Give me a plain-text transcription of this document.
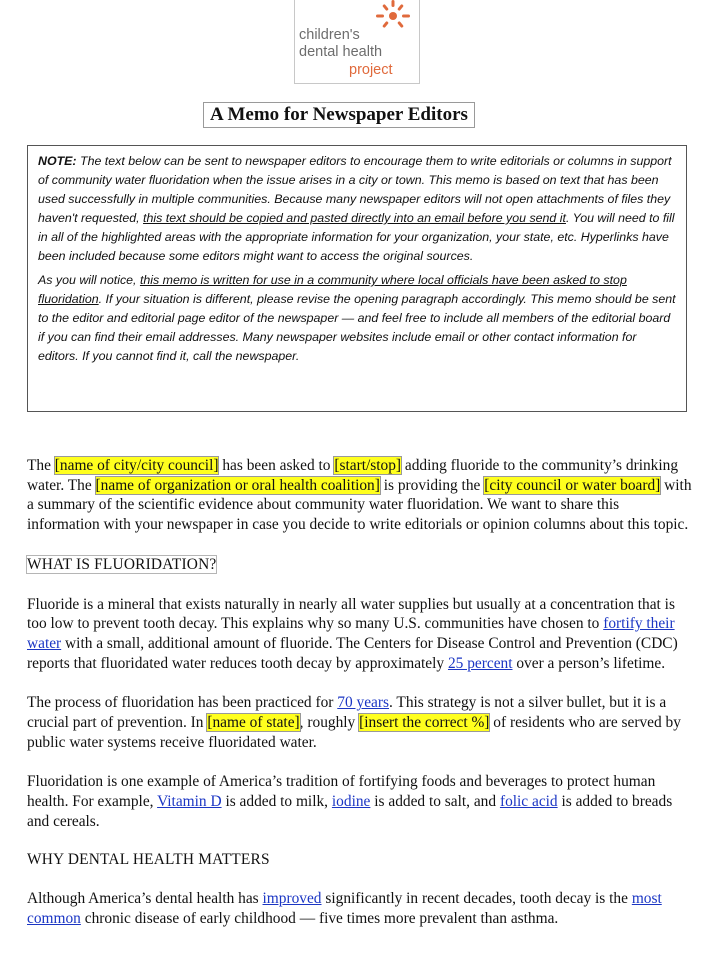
children's
dental health
project
A Memo for Newspaper Editors

NOTE: The text below can be sent to newspaper editors to encourage them to write editorials or columns in support of community water fluoridation when the issue arises in a city or town. This memo is based on text that has been used successfully in multiple communities. Because many newspaper editors will not open attachments of files they haven't requested, this text should be copied and pasted directly into an email before you send it. You will need to fill in all of the highlighted areas with the appropriate information for your organization, your state, etc. Hyperlinks have been included because some editors might want to access the original sources.

As you will notice, this memo is written for use in a community where local officials have been asked to stop fluoridation. If your situation is different, please revise the opening paragraph accordingly. This memo should be sent to the editor and editorial page editor of the newspaper — and feel free to include all members of the editorial board if you can find their email addresses. Many newspaper websites include email or other contact information for editors. If you cannot find it, call the newspaper.

The [name of city/city council] has been asked to [start/stop] adding fluoride to the community’s drinking water. The [name of organization or oral health coalition] is providing the [city council or water board] with a summary of the scientific evidence about community water fluoridation. We want to share this information with your newspaper in case you decide to write editorials or opinion columns about this topic.

WHAT IS FLUORIDATION?

Fluoride is a mineral that exists naturally in nearly all water supplies but usually at a concentration that is too low to prevent tooth decay. This explains why so many U.S. communities have chosen to fortify their water with a small, additional amount of fluoride. The Centers for Disease Control and Prevention (CDC) reports that fluoridated water reduces tooth decay by approximately 25 percent over a person’s lifetime.

The process of fluoridation has been practiced for 70 years. This strategy is not a silver bullet, but it is a crucial part of prevention. In [name of state], roughly [insert the correct %] of residents who are served by public water systems receive fluoridated water.

Fluoridation is one example of America’s tradition of fortifying foods and beverages to protect human health. For example, Vitamin D is added to milk, iodine is added to salt, and folic acid is added to breads and cereals.

WHY DENTAL HEALTH MATTERS

Although America’s dental health has improved significantly in recent decades, tooth decay is the most common chronic disease of early childhood — five times more prevalent than asthma.
